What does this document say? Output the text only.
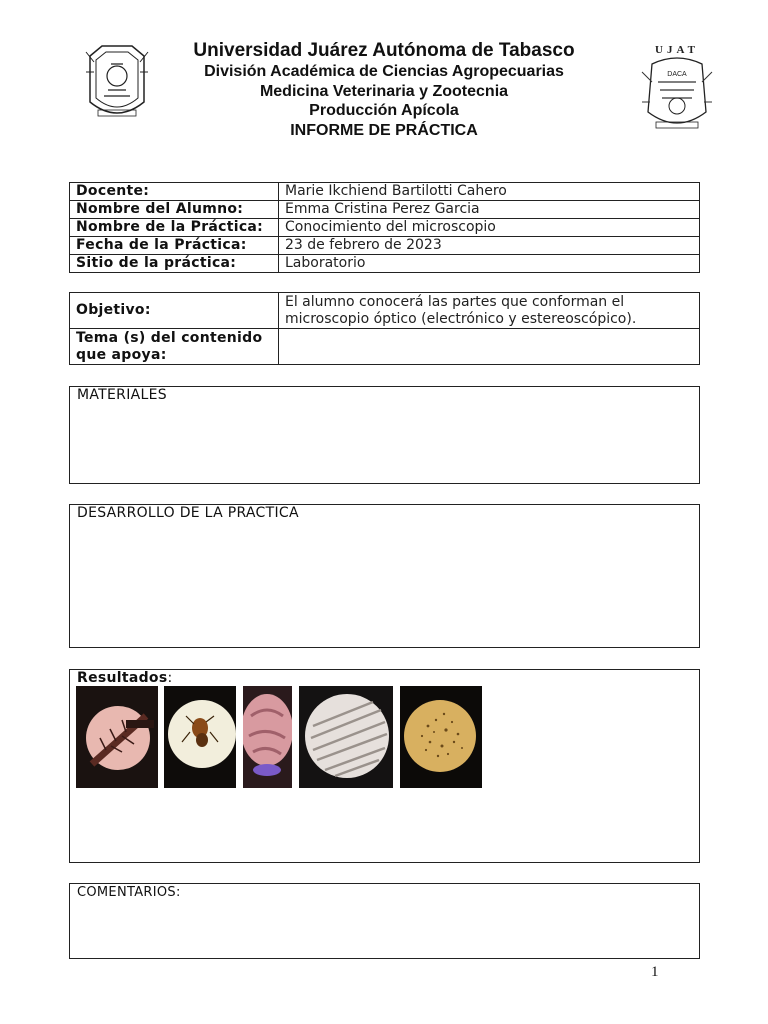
UJAT
DACA

Universidad Juárez Autónoma de Tabasco

División Académica de Ciencias Agropecuarias

Medicina Veterinaria y Zootecnia

Producción Apícola

INFORME DE PRÁCTICA

Docente:	Marie Ikchiend Bartilotti Cahero
Nombre del Alumno:	Emma Cristina Perez Garcia
Nombre de la Práctica:	Conocimiento del microscopio
Fecha de la Práctica:	23 de febrero de 2023
Sitio de la práctica:	Laboratorio
Objetivo:	El alumno conocerá las partes que conforman el microscopio óptico (electrónico y estereoscópico).
Tema (s) del contenido que apoya:	
MATERIALES
DESARROLLO DE LA PRACTICA
Resultados:
COMENTARIOS:
1
